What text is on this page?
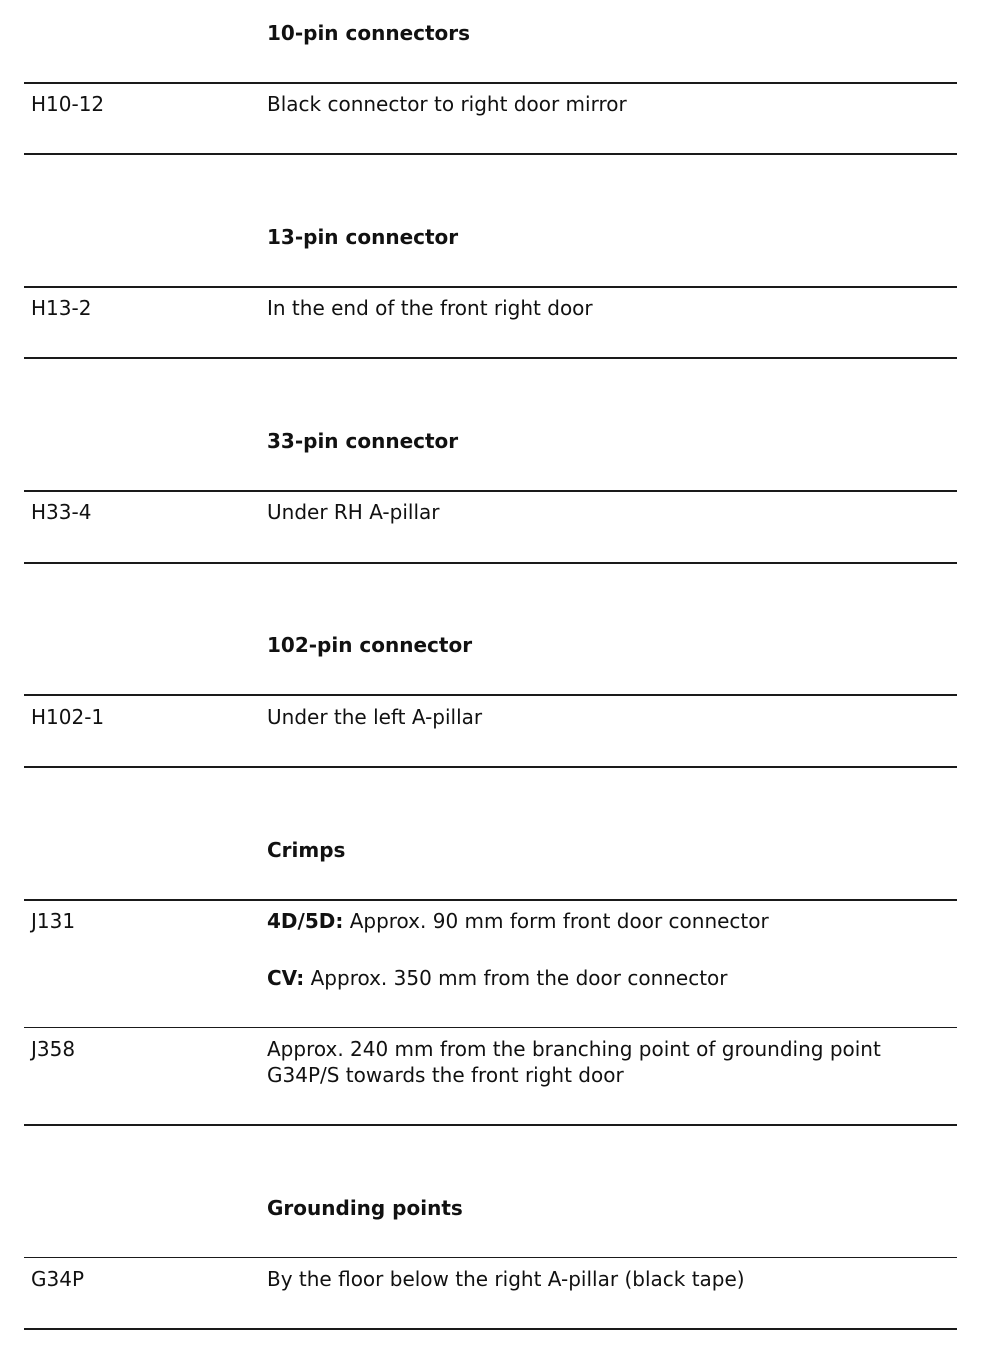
10-pin connectors
H10-12	Black connector to right door mirror
13-pin connector
H13-2	In the end of the front right door
33-pin connector
H33-4	Under RH A-pillar
102-pin connector
H102-1	Under the left A-pillar
Crimps
J131	4D/5D: Approx. 90 mm form front door connector
CV: Approx. 350 mm from the door connector
J358	Approx. 240 mm from the branching point of grounding point
G34P/S towards the front right door
Grounding points
G34P	By the floor below the right A-pillar (black tape)
